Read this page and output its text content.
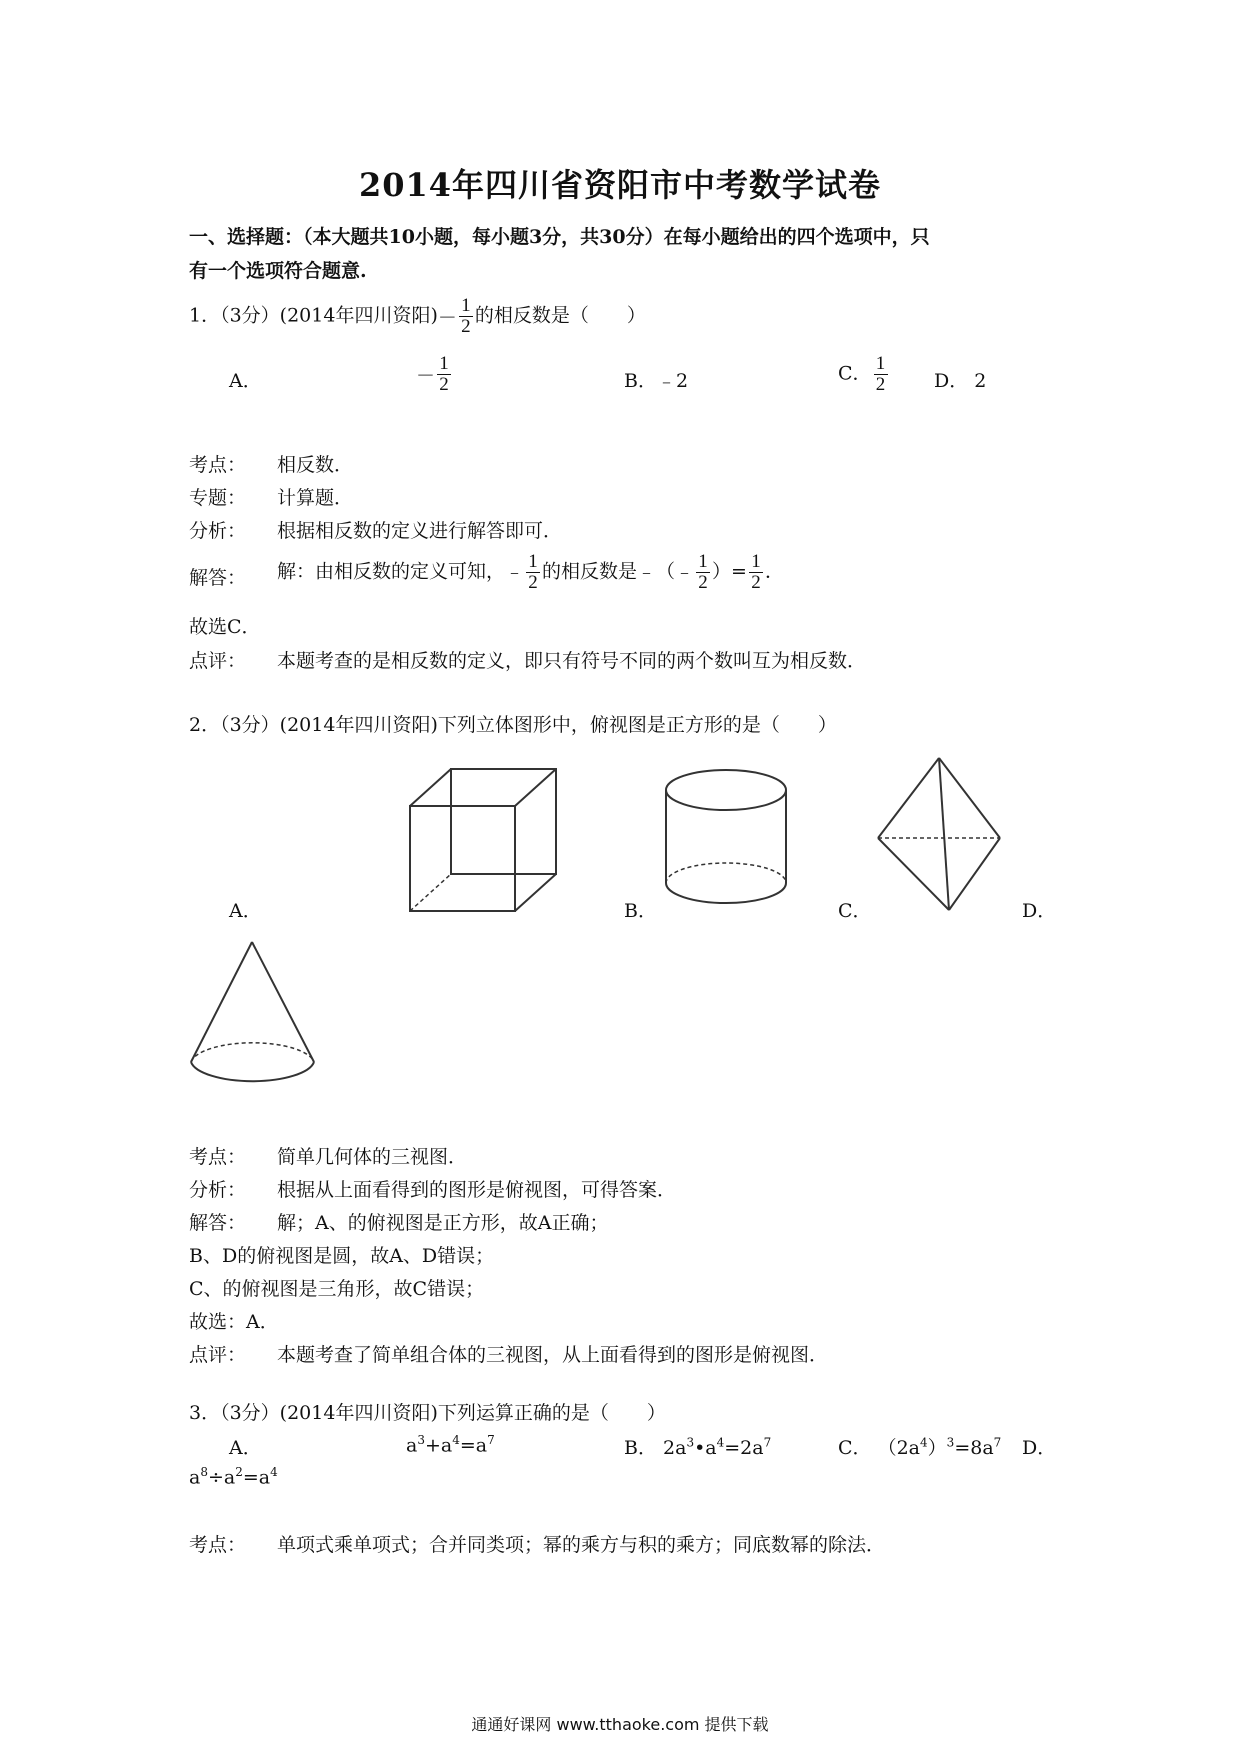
2014年四川省资阳市中考数学试卷
一、选择题：（本大题共10小题，每小题3分，共30分）在每小题给出的四个选项中，只
有一个选项符合题意.
1．（3分）(2014年四川资阳)－ $\frac{1}{2}$ 的相反数是（　　）
A．	－ $\frac{1}{2}$	B．﹣2	C． $\frac{1}{2}$ D． 2
考点： 相反数．
专题： 计算题．
分析： 根据相反数的定义进行解答即可．
解答： 解：由相反数的定义可知，﹣ $\frac{1}{2}$ 的相反数是﹣（﹣ $\frac{1}{2}$ ）= $\frac{1}{2}$ ．
故选C．
点评： 本题考查的是相反数的定义，即只有符号不同的两个数叫互为相反数．
2．（3分）(2014年四川资阳)下列立体图形中，俯视图是正方形的是（　　）
A．	B．	C．	D．
考点： 简单几何体的三视图．
分析： 根据从上面看得到的图形是俯视图，可得答案．
解答： 解；A、的俯视图是正方形，故A正确；
B、D的俯视图是圆，故A、D错误；
C、的俯视图是三角形，故C错误；
故选：A．
点评： 本题考查了简单组合体的三视图，从上面看得到的图形是俯视图．
3．（3分）(2014年四川资阳)下列运算正确的是（　　）
A．	$a^3+a^4=a^7$	B． $2a^3•a^4=2a^7$	C． $(2a^4)^3=8a^7$ D．
$a^8\div a^2=a^4$
考点： 单项式乘单项式；合并同类项；幂的乘方与积的乘方；同底数幂的除法．
通通好课网 www.tthaoke.com 提供下载
